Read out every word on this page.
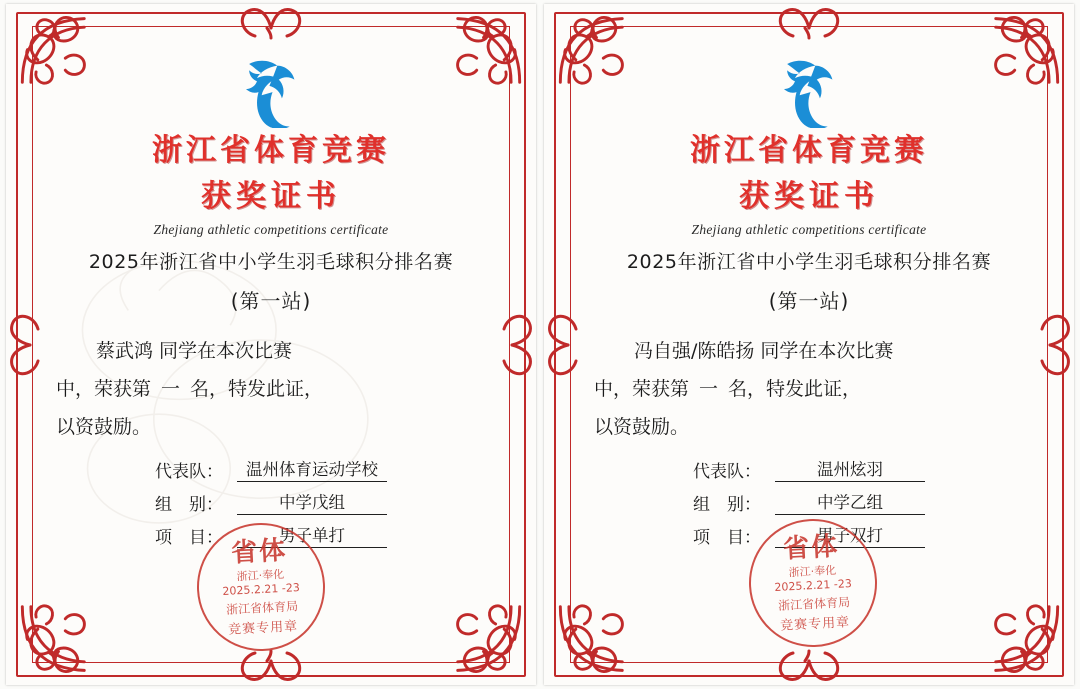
浙江省体育竞赛
获奖证书
Zhejiang athletic competitions certificate
2025年浙江省中小学生羽毛球积分排名赛
(第一站)
蔡武鸿 同学在本次比赛
中，荣获第 一 名，特发此证，
以资鼓励。
代表队：	温州体育运动学校
组　别：	中学戊组
项　目：	男子单打
省体
浙江·奉化
2025.2.21 -23
浙江省体育局
竞赛专用章
浙江省体育竞赛
获奖证书
Zhejiang athletic competitions certificate
2025年浙江省中小学生羽毛球积分排名赛
(第一站)
冯自强/陈皓扬 同学在本次比赛
中，荣获第 一 名，特发此证，
以资鼓励。
代表队：	温州炫羽
组　别：	中学乙组
项　目：	男子双打
省体
浙江·奉化
2025.2.21 -23
浙江省体育局
竞赛专用章
